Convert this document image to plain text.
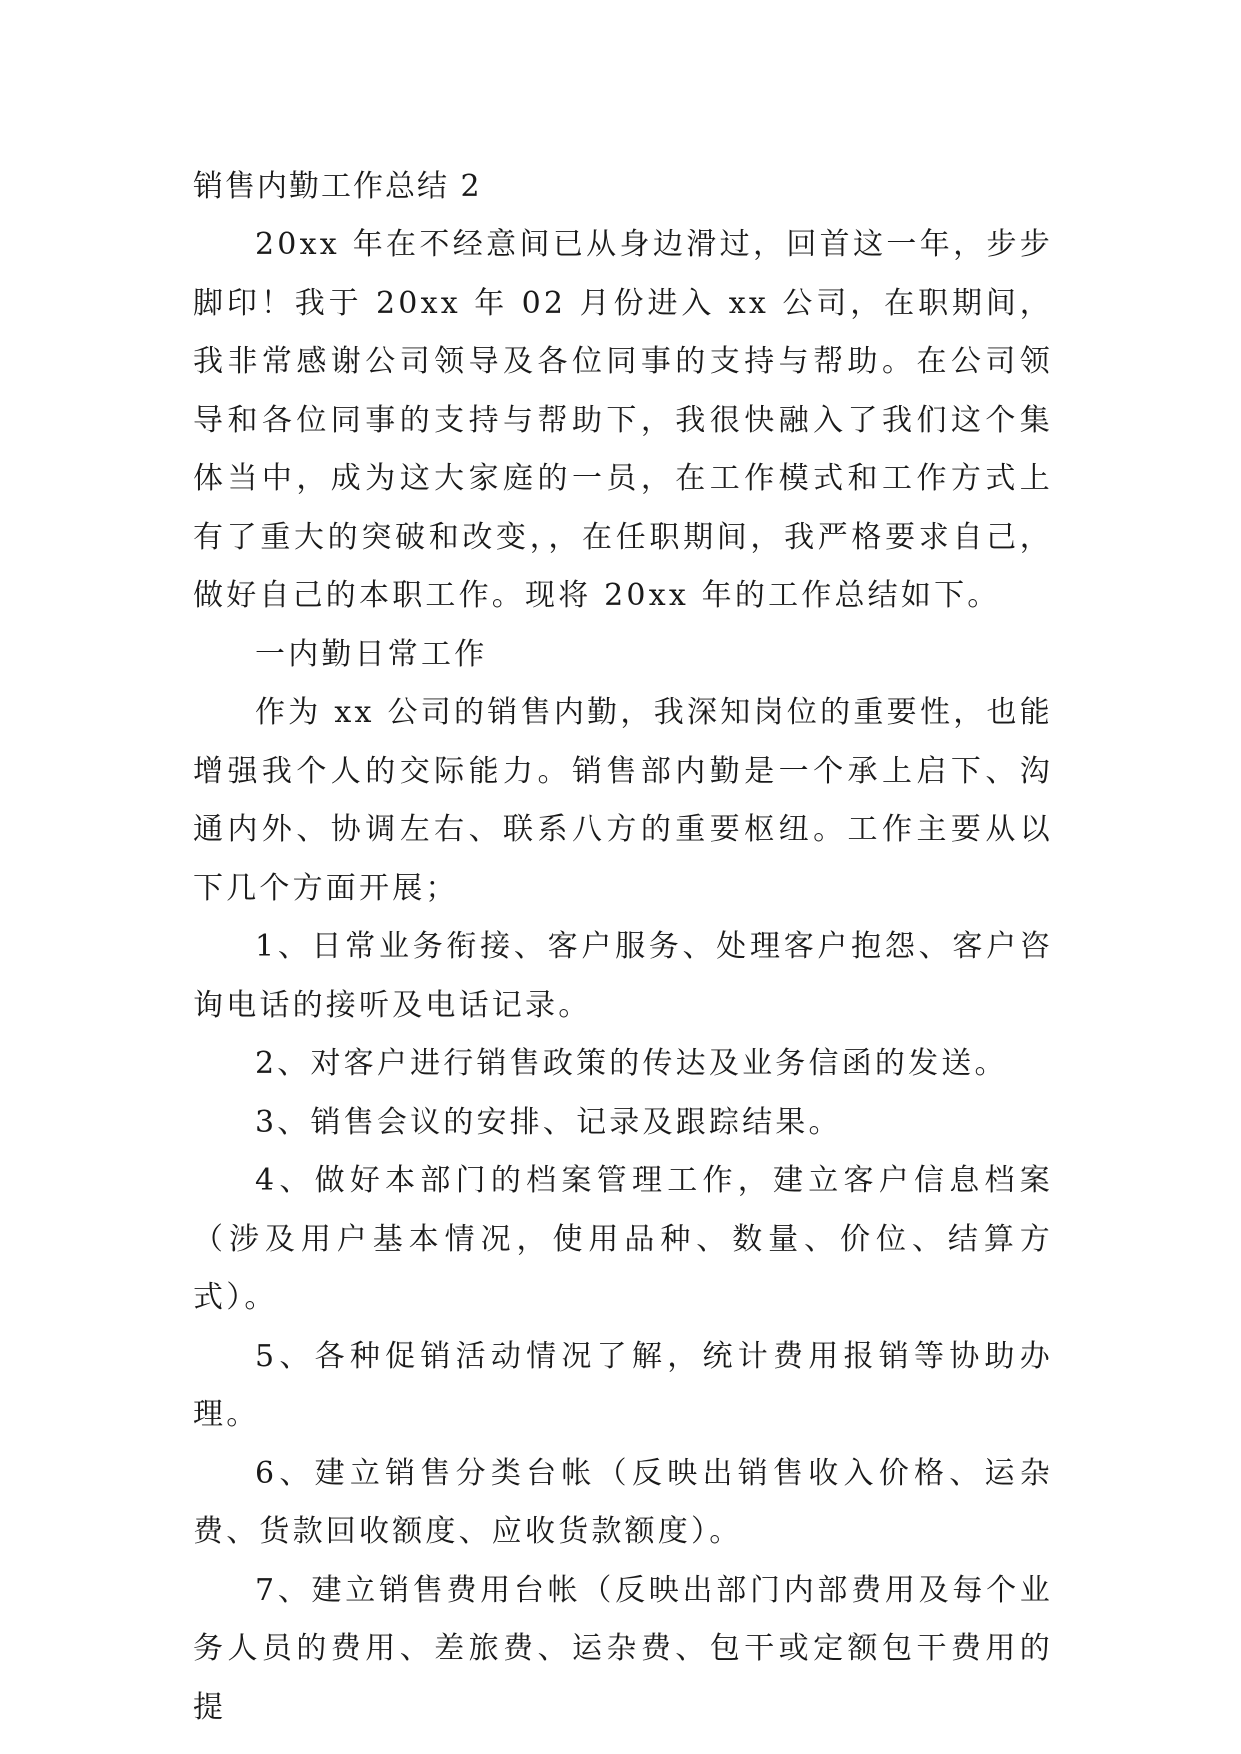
销售内勤工作总结 2

20xx 年在不经意间已从身边滑过，回首这一年，步步脚印！我于 20xx 年 02 月份进入 xx 公司，在职期间，我非常感谢公司领导及各位同事的支持与帮助。在公司领导和各位同事的支持与帮助下，我很快融入了我们这个集体当中，成为这大家庭的一员，在工作模式和工作方式上有了重大的突破和改变，，在任职期间，我严格要求自己，做好自己的本职工作。现将 20xx 年的工作总结如下。

一内勤日常工作

作为 xx 公司的销售内勤，我深知岗位的重要性，也能增强我个人的交际能力。销售部内勤是一个承上启下、沟通内外、协调左右、联系八方的重要枢纽。工作主要从以下几个方面开展；

1、日常业务衔接、客户服务、处理客户抱怨、客户咨询电话的接听及电话记录。

2、对客户进行销售政策的传达及业务信函的发送。

3、销售会议的安排、记录及跟踪结果。

4、做好本部门的档案管理工作，建立客户信息档案（涉及用户基本情况，使用品种、数量、价位、结算方式）。

5、各种促销活动情况了解，统计费用报销等协助办理。

6、建立销售分类台帐（反映出销售收入价格、运杂费、货款回收额度、应收货款额度）。

7、建立销售费用台帐（反映出部门内部费用及每个业务人员的费用、差旅费、运杂费、包干或定额包干费用的提
